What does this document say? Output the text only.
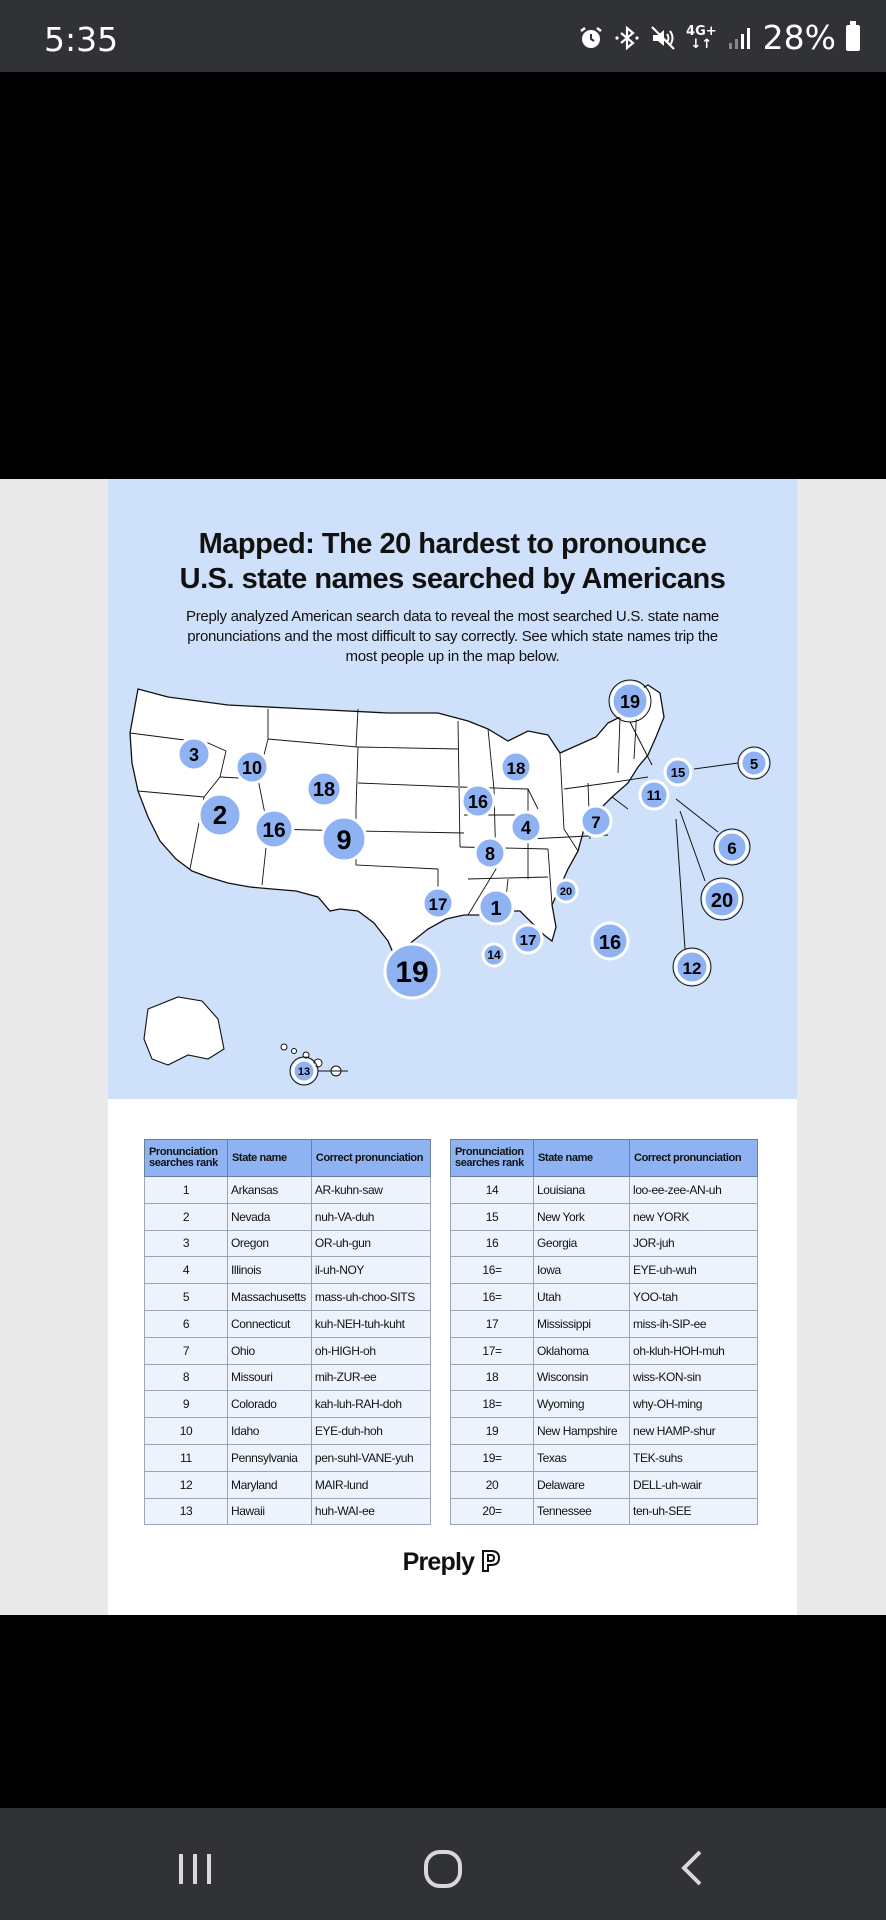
5:35	4G+
↓↑ 28%
Mapped: The 20 hardest to pronounce
U.S. state names searched by Americans
Preply analyzed American search data to reveal the most searched U.S. state name
pronunciations and the most difficult to say correctly. See which state names trip the
most people up in the map below.
19
3
10
18
15	5
2
16 9
16
18
4
11
7
8	6
20
17 1	20
17	16
14
19	12
13
Pronunciation searches rank	State name	Correct pronunciation
1	Arkansas	AR-kuhn-saw
2	Nevada	nuh-VA-duh
3	Oregon	OR-uh-gun
4	Illinois	il-uh-NOY
5	Massachusetts	mass-uh-choo-SITS
6	Connecticut	kuh-NEH-tuh-kuht
7	Ohio	oh-HIGH-oh
8	Missouri	mih-ZUR-ee
9	Colorado	kah-luh-RAH-doh
10	Idaho	EYE-duh-hoh
11	Pennsylvania	pen-suhl-VANE-yuh
12	Maryland	MAIR-lund
13	Hawaii	huh-WAI-ee
Pronunciation searches rank	State name	Correct pronunciation
14	Louisiana	loo-ee-zee-AN-uh
15	New York	new YORK
16	Georgia	JOR-juh
16=	Iowa	EYE-uh-wuh
16=	Utah	YOO-tah
17	Mississippi	miss-ih-SIP-ee
17=	Oklahoma	oh-kluh-HOH-muh
18	Wisconsin	wiss-KON-sin
18=	Wyoming	why-OH-ming
19	New Hampshire	new HAMP-shur
19=	Texas	TEK-suhs
20	Delaware	DELL-uh-wair
20=	Tennessee	ten-uh-SEE
Preply
